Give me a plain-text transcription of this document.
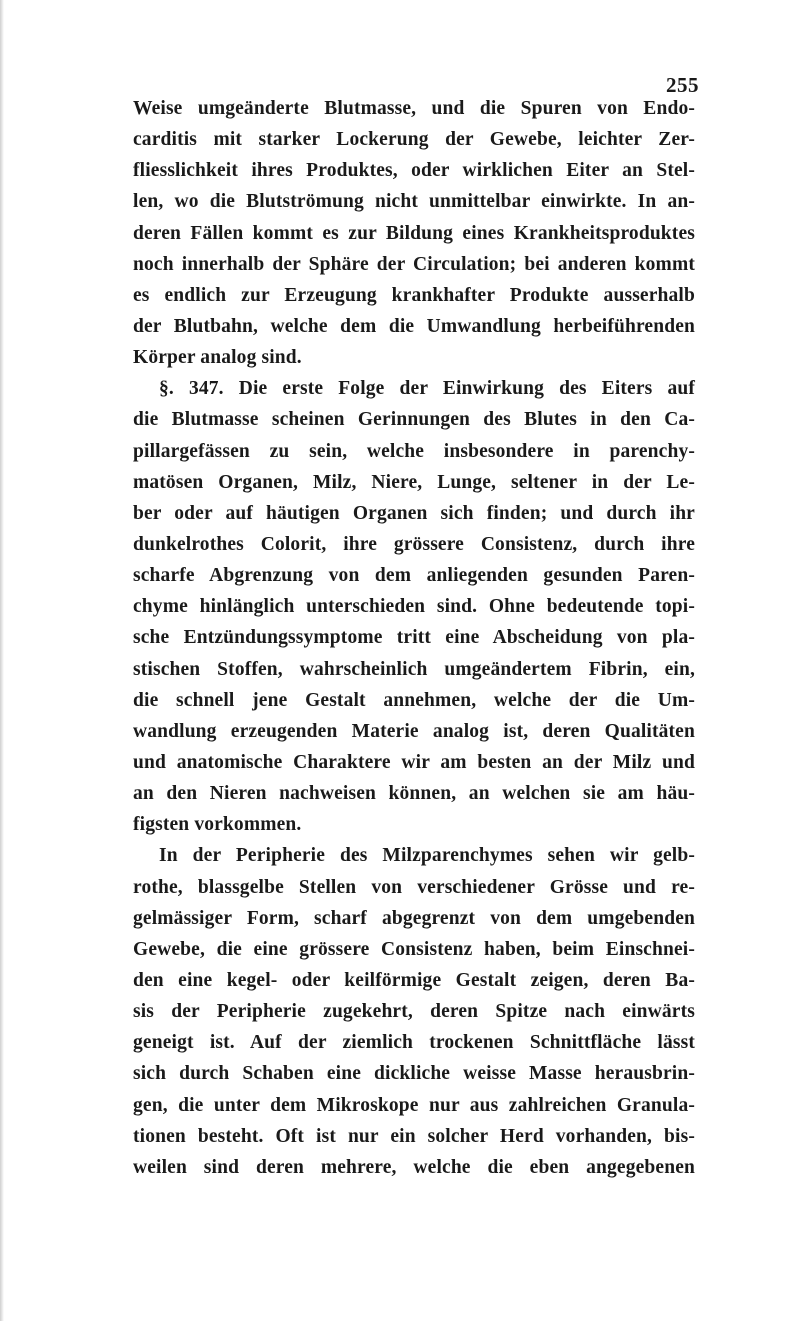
255
Weise umgeänderte Blutmasse, und die Spuren von Endo-
carditis mit starker Lockerung der Gewebe, leichter Zer-
fliesslichkeit ihres Produktes, oder wirklichen Eiter an Stel-
len, wo die Blutströmung nicht unmittelbar einwirkte. In an-
deren Fällen kommt es zur Bildung eines Krankheitsproduktes
noch innerhalb der Sphäre der Circulation; bei anderen kommt
es endlich zur Erzeugung krankhafter Produkte ausserhalb
der Blutbahn, welche dem die Umwandlung herbeiführenden
Körper analog sind.
§. 347. Die erste Folge der Einwirkung des Eiters auf
die Blutmasse scheinen Gerinnungen des Blutes in den Ca-
pillargefässen zu sein, welche insbesondere in parenchy-
matösen Organen, Milz, Niere, Lunge, seltener in der Le-
ber oder auf häutigen Organen sich finden; und durch ihr
dunkelrothes Colorit, ihre grössere Consistenz, durch ihre
scharfe Abgrenzung von dem anliegenden gesunden Paren-
chyme hinlänglich unterschieden sind. Ohne bedeutende topi-
sche Entzündungssymptome tritt eine Abscheidung von pla-
stischen Stoffen, wahrscheinlich umgeändertem Fibrin, ein,
die schnell jene Gestalt annehmen, welche der die Um-
wandlung erzeugenden Materie analog ist, deren Qualitäten
und anatomische Charaktere wir am besten an der Milz und
an den Nieren nachweisen können, an welchen sie am häu-
figsten vorkommen.
In der Peripherie des Milzparenchymes sehen wir gelb-
rothe, blassgelbe Stellen von verschiedener Grösse und re-
gelmässiger Form, scharf abgegrenzt von dem umgebenden
Gewebe, die eine grössere Consistenz haben, beim Einschnei-
den eine kegel- oder keilförmige Gestalt zeigen, deren Ba-
sis der Peripherie zugekehrt, deren Spitze nach einwärts
geneigt ist. Auf der ziemlich trockenen Schnittfläche lässt
sich durch Schaben eine dickliche weisse Masse herausbrin-
gen, die unter dem Mikroskope nur aus zahlreichen Granula-
tionen besteht. Oft ist nur ein solcher Herd vorhanden, bis-
weilen sind deren mehrere, welche die eben angegebenen
